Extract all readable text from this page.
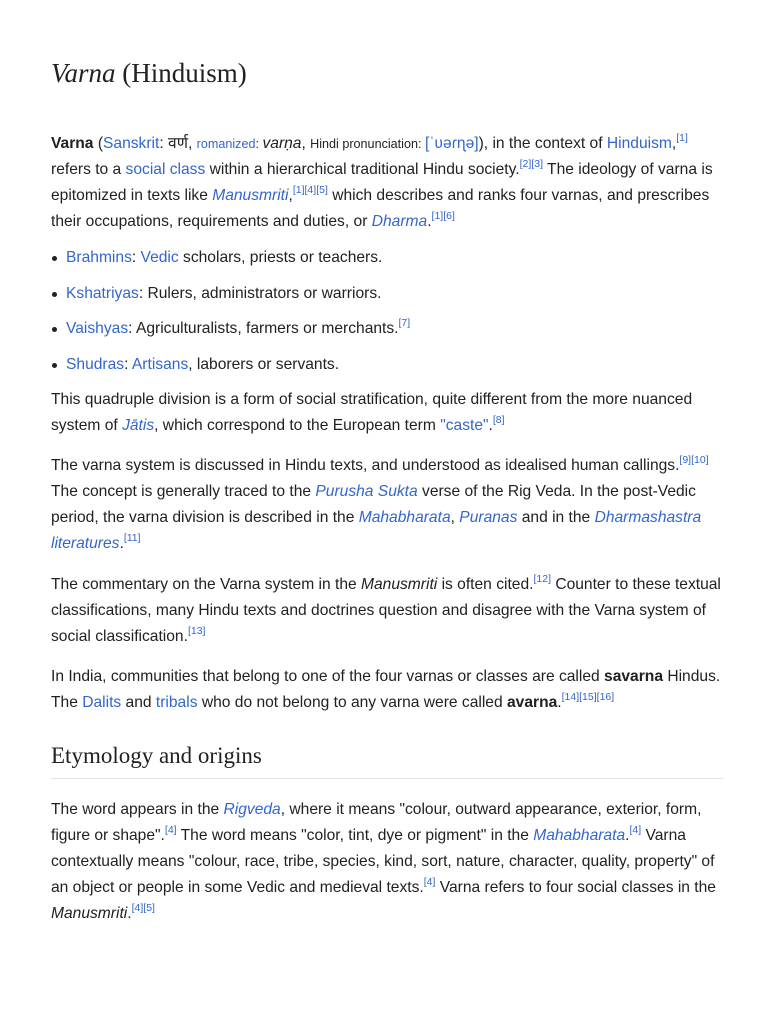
Varna (Hinduism)

Varna (Sanskrit: वर्ण, romanized: varṇa, Hindi pronunciation: [ˈʋəɾɳə]), in the context of Hinduism,[1] refers to a social class within a hierarchical traditional Hindu society.[2][3] The ideology of varna is epitomized in texts like Manusmriti,[1][4][5] which describes and ranks four varnas, and prescribes their occupations, requirements and duties, or Dharma.[1][6]

Brahmins: Vedic scholars, priests or teachers.
Kshatriyas: Rulers, administrators or warriors.
Vaishyas: Agriculturalists, farmers or merchants.[7]
Shudras: Artisans, laborers or servants.

This quadruple division is a form of social stratification, quite different from the more nuanced system of Jātis, which correspond to the European term "caste".[8]

The varna system is discussed in Hindu texts, and understood as idealised human callings.[9][10] The concept is generally traced to the Purusha Sukta verse of the Rig Veda. In the post-Vedic period, the varna division is described in the Mahabharata, Puranas and in the Dharmashastra literatures.[11]

The commentary on the Varna system in the Manusmriti is often cited.[12] Counter to these textual classifications, many Hindu texts and doctrines question and disagree with the Varna system of social classification.[13]

In India, communities that belong to one of the four varnas or classes are called savarna Hindus. The Dalits and tribals who do not belong to any varna were called avarna.[14][15][16]

Etymology and origins

The word appears in the Rigveda, where it means "colour, outward appearance, exterior, form, figure or shape".[4] The word means "color, tint, dye or pigment" in the Mahabharata.[4] Varna contextually means "colour, race, tribe, species, kind, sort, nature, character, quality, property" of an object or people in some Vedic and medieval texts.[4] Varna refers to four social classes in the Manusmriti.[4][5]
